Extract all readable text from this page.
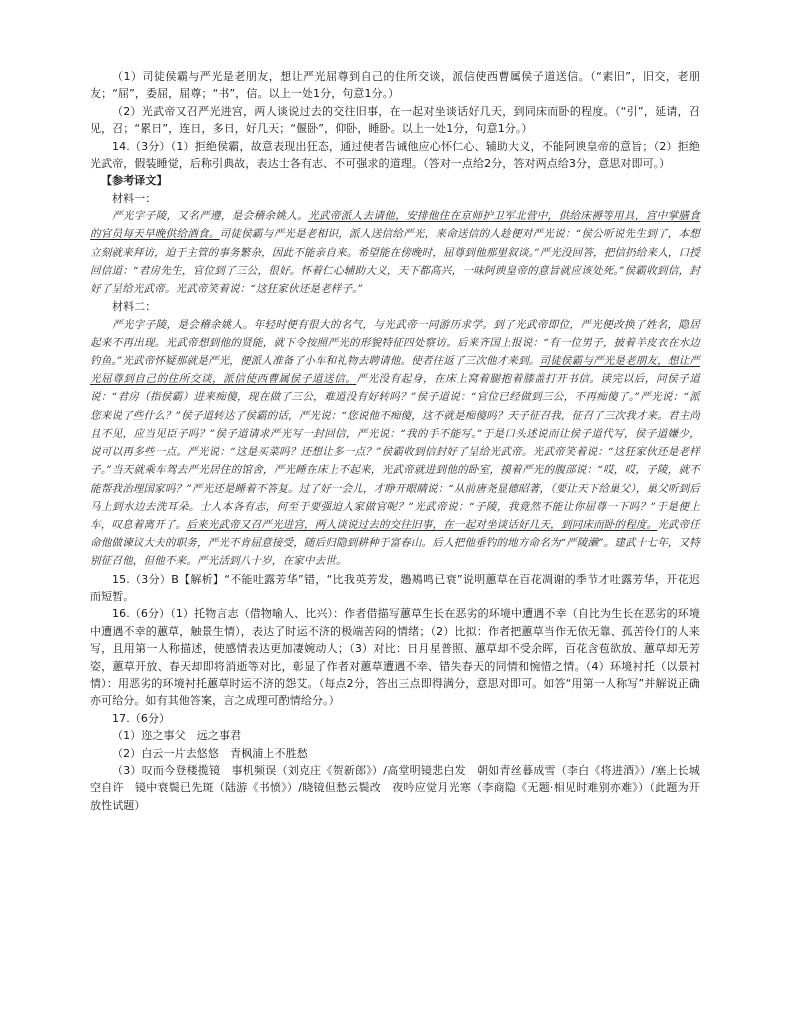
（1）司徒侯霸与严光是老朋友，想让严光屈尊到自己的住所交谈，派信使西曹属侯子道送信。（“素旧”，旧交，老朋友；“屈”，委屈，屈尊；“书”，信。以上一处1分，句意1分。）

（2）光武帝又召严光进宫，两人谈说过去的交往旧事，在一起对坐谈话好几天，到同床而卧的程度。（“引”，延请，召见，召；“累日”，连日，多日，好几天；“偃卧”，仰卧，睡卧。以上一处1分，句意1分。）

14.（3分）（1）拒绝侯霸，故意表现出狂态，通过使者告诫他应心怀仁心、辅助大义，不能阿谀皇帝的意旨；（2）拒绝光武帝，假装睡觉，后称引典故，表达士各有志、不可强求的道理。（答对一点给2分，答对两点给3分，意思对即可。）

【参考译文】

材料一：

严光字子陵，又名严遵，是会稽余姚人。光武帝派人去请他，安排他住在京师护卫军北营中，供给床褥等用具，宫中掌膳食的官员每天早晚供给酒食。司徒侯霸与严光是老相识，派人送信给严光，来命送信的人趁便对严光说：“侯公听说先生到了，本想立刻就来拜访，迫于主管的事务繁杂，因此不能亲自来。希望能在傍晚时，屈尊到他那里叙谈。”严光没回答，把信扔给来人，口授回信道：“君房先生，官位到了三公，很好。怀着仁心辅助大义，天下都高兴，一味阿谀皇帝的意旨就应该处死。”侯霸收到信，封好了呈给光武帝。光武帝笑着说：“这狂家伙还是老样子。”

材料二：

严光字子陵，是会稽余姚人。年轻时便有很大的名气，与光武帝一同游历求学。到了光武帝即位，严光便改换了姓名，隐居起来不再出现。光武帝想到他的贤能，就下令按照严光的形貌特征四处察访。后来齐国上报说：“有一位男子，披着羊皮衣在水边钓鱼。”光武帝怀疑那就是严光，便派人准备了小车和礼物去聘请他。使者往返了三次他才来到。司徒侯霸与严光是老朋友，想让严光屈尊到自己的住所交谈，派信使西曹属侯子道送信。严光没有起身，在床上窝着腿抱着膝盖打开书信。读完以后，问侯子道说：“君房（指侯霸）进来痴傻，现在做了三公，难道没有好转吗？”侯子道说：“官位已经做到三公，不再痴傻了。”严光说：“派您来说了些什么？”侯子道转达了侯霸的话，严光说：“您说他不痴傻，这不就是痴傻吗？天子征召我，征召了三次我才来。君主尚且不见，应当见臣子吗？”侯子道请求严光写一封回信，严光说：“我的手不能写。”于是口头述说而让侯子道代写，侯子道嫌少，说可以再多些一点。严光说：“这是买菜吗？还想让多一点？”侯霸收到信封好了呈给光武帝。光武帝笑着说：“这狂家伙还是老样子。”当天就乘车驾去严光居住的馆舍，严光睡在床上不起来，光武帝就进到他的卧室，摸着严光的腹部说：“哎，哎，子陵，就不能帮我治理国家吗？”严光还是睡着不答复。过了好一会儿，才睁开眼睛说：“从前唐尧显德昭著，（要让天下给巢父），巢父听到后马上到水边去洗耳朵。士人本各有志，何至于要强迫人家做官呢？”光武帝说：“子陵，我竟然不能让你屈尊一下吗？”于是便上车，叹息着离开了。后来光武帝又召严光进宫，两人谈说过去的交往旧事，在一起对坐谈话好几天，到同床而卧的程度。光武帝任命他做谏议大夫的职务，严光不肯屈意接受，随后归隐到耕种于富春山。后人把他垂钓的地方命名为“严陵濑”。建武十七年，又特别征召他，但他不来。严光活到八十岁，在家中去世。

15.（3分）B【解析】“不能吐露芳华”错，“比我英芳发，鶗鴂鸣已衰”说明蕙草在百花凋谢的季节才吐露芳华，开花迟而短暂。

16.（6分）（1）托物言志（借物喻人、比兴）：作者借描写蕙草生长在恶劣的环境中遭遇不幸（自比为生长在恶劣的环境中遭遇不幸的蕙草，触景生情），表达了时运不济的极端苦闷的情绪；（2）比拟：作者把蕙草当作无依无靠、孤苦伶仃的人来写，且用第一人称描述，使感情表达更加凄婉动人；（3）对比：日月星普照、蕙草却不受余晖，百花含苞欲放、蕙草却无芳姿，蕙草开放、春天却即将消逝等对比，彰显了作者对蕙草遭遇不幸、错失春天的同情和惋惜之情。（4）环境衬托（以景衬情）：用恶劣的环境衬托蕙草时运不济的怨艾。（每点2分，答出三点即得满分，意思对即可。如答“用第一人称写”并解说正确亦可给分。如有其他答案，言之成理可酌情给分。）

17.（6分）

（1）迩之事父　远之事君

（2）白云一片去悠悠　青枫浦上不胜愁

（3）叹而今登楼揽镜　事机频误（刘克庄《贺新郎》）/高堂明镜悲白发　朝如青丝暮成雪（李白《将进酒》）/塞上长城空自许　镜中衰鬓已先斑（陆游《书愤》）/晓镜但愁云鬓改　夜吟应觉月光寒（李商隐《无题·相见时难别亦难》）（此题为开放性试题）
